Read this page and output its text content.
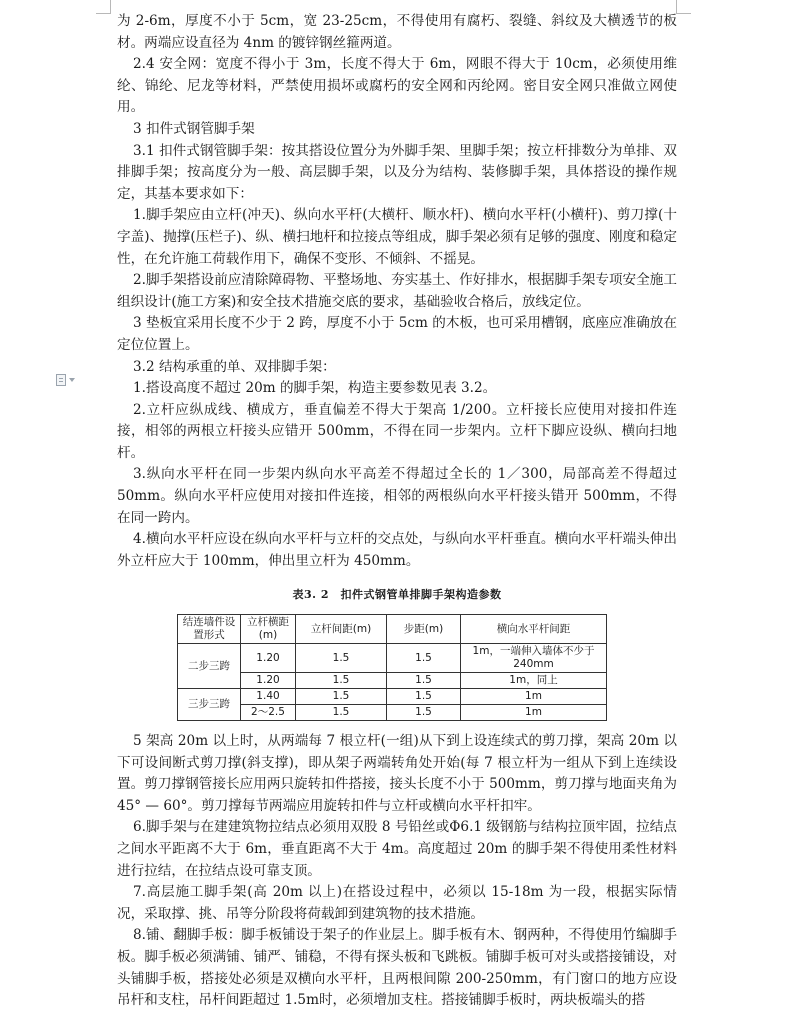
为 2-6m，厚度不小于 5cm，宽 23-25cm，不得使用有腐朽、裂缝、斜纹及大横透节的板材。两端应设直径为 4nm 的镀锌钢丝箍两道。

2.4 安全网：宽度不得小于 3m，长度不得大于 6m，网眼不得大于 10cm，必须使用维纶、锦纶、尼龙等材料，严禁使用损坏或腐朽的安全网和丙纶网。密目安全网只准做立网使用。

3 扣件式钢管脚手架

3.1 扣件式钢管脚手架：按其搭设位置分为外脚手架、里脚手架；按立杆排数分为单排、双排脚手架；按高度分为一般、高层脚手架，以及分为结构、装修脚手架，具体搭设的操作规定，其基本要求如下：

1.脚手架应由立杆(冲天)、纵向水平杆(大横杆、顺水杆)、横向水平杆(小横杆)、剪刀撑(十字盖)、抛撑(压栏子)、纵、横扫地杆和拉接点等组成，脚手架必须有足够的强度、刚度和稳定性，在允许施工荷载作用下，确保不变形、不倾斜、不摇晃。

2.脚手架搭设前应清除障碍物、平整场地、夯实基土、作好排水，根据脚手架专项安全施工组织设计(施工方案)和安全技术措施交底的要求，基础验收合格后，放线定位。

3 垫板宜采用长度不少于 2 跨，厚度不小于 5cm 的木板，也可采用槽钢，底座应准确放在定位位置上。

3.2 结构承重的单、双排脚手架：

1.搭设高度不超过 20m 的脚手架，构造主要参数见表 3.2。

2.立杆应纵成线、横成方，垂直偏差不得大于架高 1/200。立杆接长应使用对接扣件连接，相邻的两根立杆接头应错开 500mm，不得在同一步架内。立杆下脚应设纵、横向扫地杆。

3.纵向水平杆在同一步架内纵向水平高差不得超过全长的 1／300，局部高差不得超过 50mm。纵向水平杆应使用对接扣件连接，相邻的两根纵向水平杆接头错开 500mm，不得在同一跨内。

4.横向水平杆应设在纵向水平杆与立杆的交点处，与纵向水平杆垂直。横向水平杆端头伸出外立杆应大于 100mm，伸出里立杆为 450mm。

表3. 2　扣件式钢管单排脚手架构造参数
结连墙件设置形式	立杆横距(m)	立杆间距(m)	步距(m)	横向水平杆间距
二步三跨	1.20	1.5	1.5	1m，一端伸入墙体不少于 240mm
	1.20	1.5	1.5	1m，同上
三步三跨	1.40	1.5	1.5	1m
	2～2.5	1.5	1.5	1m

5 架高 20m 以上时，从两端每 7 根立杆(一组)从下到上设连续式的剪刀撑，架高 20m 以下可设间断式剪刀撑(斜支撑)，即从架子两端转角处开始(每 7 根立杆为一组从下到上连续设置。剪刀撑钢管接长应用两只旋转扣件搭接，接头长度不小于 500mm，剪刀撑与地面夹角为 45° — 60°。剪刀撑每节两端应用旋转扣件与立杆或横向水平杆扣牢。

6.脚手架与在建建筑物拉结点必须用双股 8 号铅丝或Φ6.1 级钢筋与结构拉顶牢固，拉结点之间水平距离不大于 6m，垂直距离不大于 4m。高度超过 20m 的脚手架不得使用柔性材料进行拉结，在拉结点设可靠支顶。

7.高层施工脚手架(高 20m 以上)在搭设过程中，必须以 15-18m 为一段，根据实际情况，采取撑、挑、吊等分阶段将荷载卸到建筑物的技术措施。

8.铺、翻脚手板：脚手板铺设于架子的作业层上。脚手板有木、钢两种，不得使用竹编脚手板。脚手板必须满铺、铺严、铺稳，不得有探头板和飞跳板。铺脚手板可对头或搭接铺设，对头铺脚手板，搭接处必须是双横向水平杆，且两根间隙 200-250mm，有门窗口的地方应设吊杆和支柱，吊杆间距超过 1.5m时，必须增加支柱。搭接铺脚手板时，两块板端头的搭
